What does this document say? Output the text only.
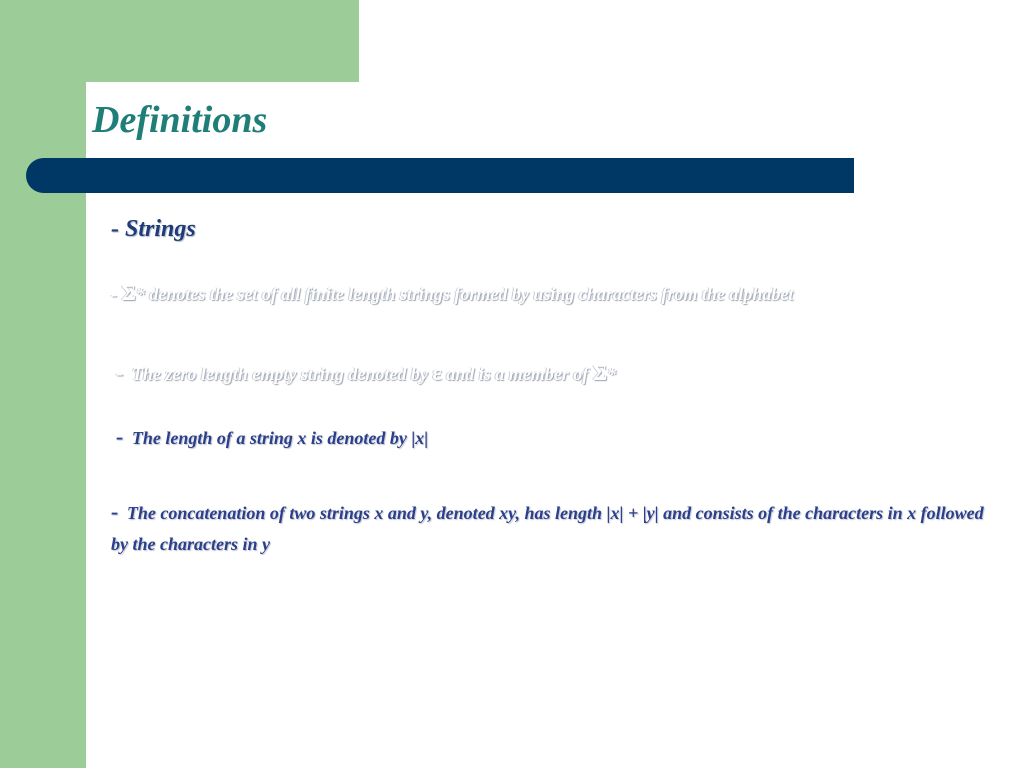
Definitions
- Strings
- Σ* denotes the set of all finite length strings formed by using characters from the alphabet
- The zero length empty string denoted by ε and is a member of Σ*
- The length of a string x is denoted by |x|
- The concatenation of two strings x and y, denoted xy, has length |x| + |y| and consists of the characters in x followed by the characters in y
